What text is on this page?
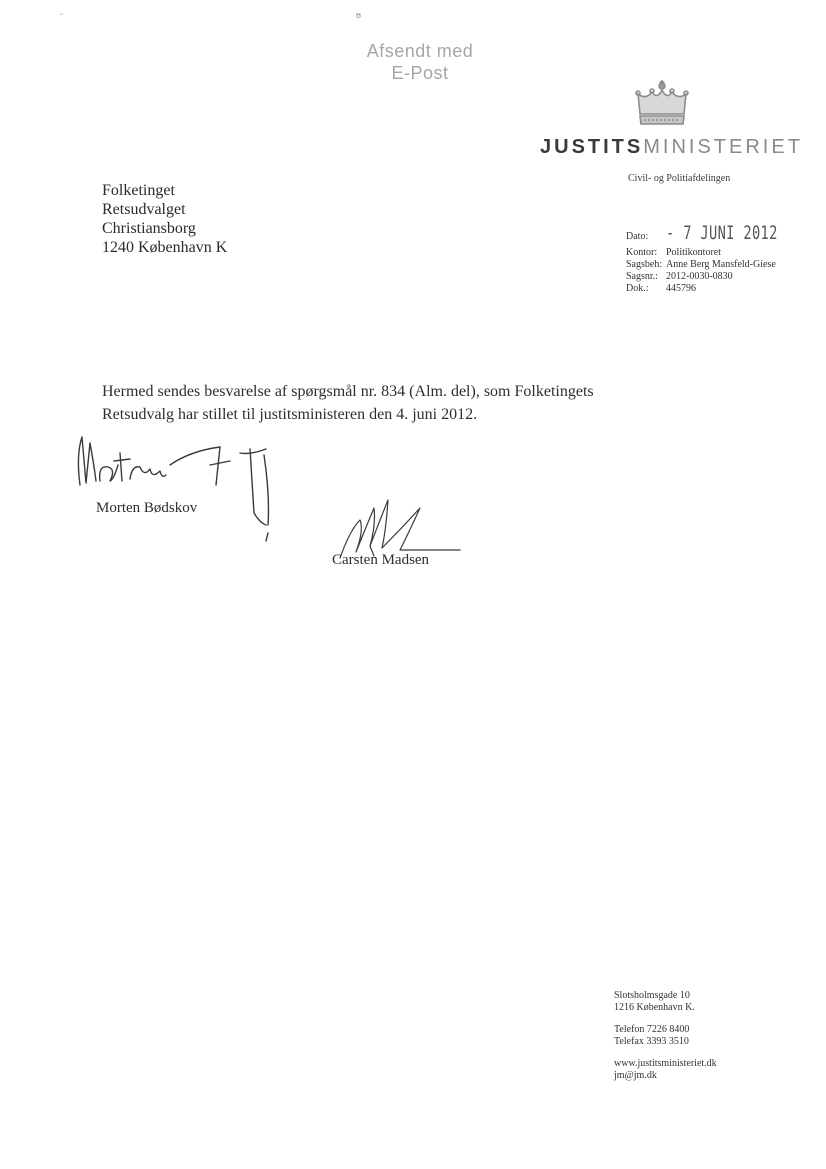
ˇ	ʊ
Afsendt med
E-Post
JUSTITSMINISTERIET
Civil- og Politiafdelingen
Folketinget
Retsudvalget
Christiansborg
1240 København K
Dato: - 7 JUNI 2012
Kontor: Politikontoret
Sagsbeh: Anne Berg Mansfeld-Giese
Sagsnr.: 2012-0030-0830
Dok.:	445796
Hermed sendes besvarelse af spørgsmål nr. 834 (Alm. del), som Folketingets Retsudvalg har stillet til justitsministeren den 4. juni 2012.
Morten Bødskov
Carsten Madsen
Slotsholmsgade 10
1216 København K.
Telefon 7226 8400
Telefax 3393 3510
www.justitsministeriet.dk
jm@jm.dk
